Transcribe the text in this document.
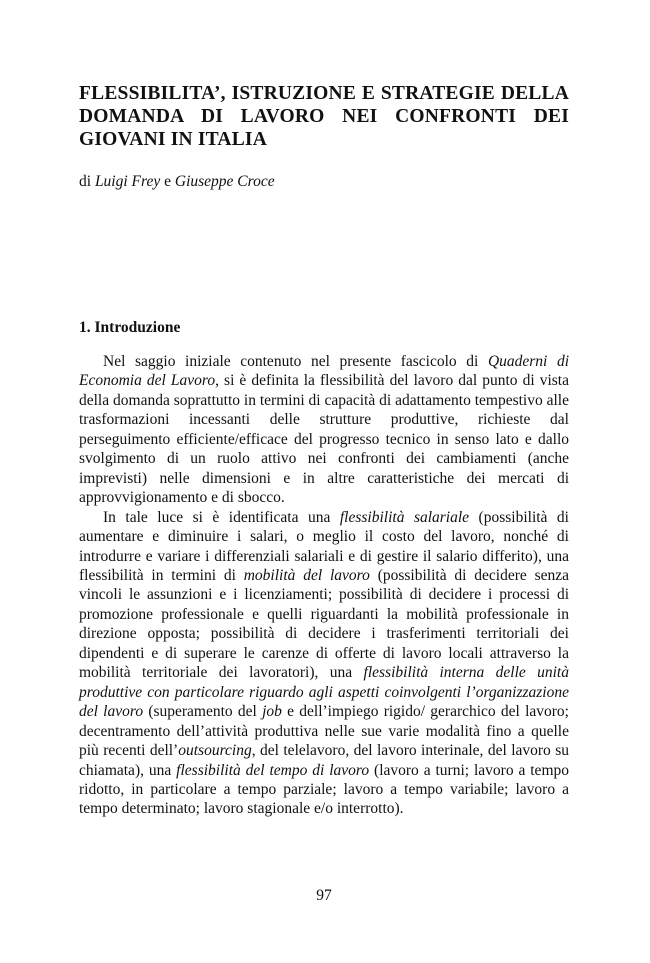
FLESSIBILITA’, ISTRUZIONE E STRATEGIE DELLA
DOMANDA DI LAVORO NEI CONFRONTI DEI
GIOVANI IN ITALIA

di Luigi Frey e Giuseppe Croce

1. Introduzione

Nel saggio iniziale contenuto nel presente fascicolo di Quaderni di Economia del Lavoro, si è definita la flessibilità del lavoro dal punto di vista della domanda soprattutto in termini di capacità di adattamento tempestivo alle trasformazioni incessanti delle strutture produttive, richieste dal perseguimento efficiente/efficace del progresso tecnico in senso lato e dallo svolgimento di un ruolo attivo nei confronti dei cambiamenti (anche imprevisti) nelle dimensioni e in altre caratteristiche dei mercati di approvvigionamento e di sbocco.

In tale luce si è identificata una flessibilità salariale (possibilità di aumentare e diminuire i salari, o meglio il costo del lavoro, nonché di introdurre e variare i differenziali salariali e di gestire il salario differito), una flessibilità in termini di mobilità del lavoro (possibilità di decidere senza vincoli le assunzioni e i licenziamenti; possibilità di decidere i processi di promozione professionale e quelli riguardanti la mobilità professionale in direzione opposta; possibilità di decidere i trasferimenti territoriali dei dipendenti e di superare le carenze di offerte di lavoro locali attraverso la mobilità territoriale dei lavoratori), una flessibilità interna delle unità produttive con particolare riguardo agli aspetti coinvolgenti l’organizzazione del lavoro (superamento del job e dell’impiego rigido/ gerarchico del lavoro; decentramento dell’attività produttiva nelle sue varie modalità fino a quelle più recenti dell’outsourcing, del telelavoro, del lavoro interinale, del lavoro su chiamata), una flessibilità del tempo di lavoro (lavoro a turni; lavoro a tempo ridotto, in particolare a tempo parziale; lavoro a tempo variabile; lavoro a tempo determinato; lavoro stagionale e/o interrotto).

97
